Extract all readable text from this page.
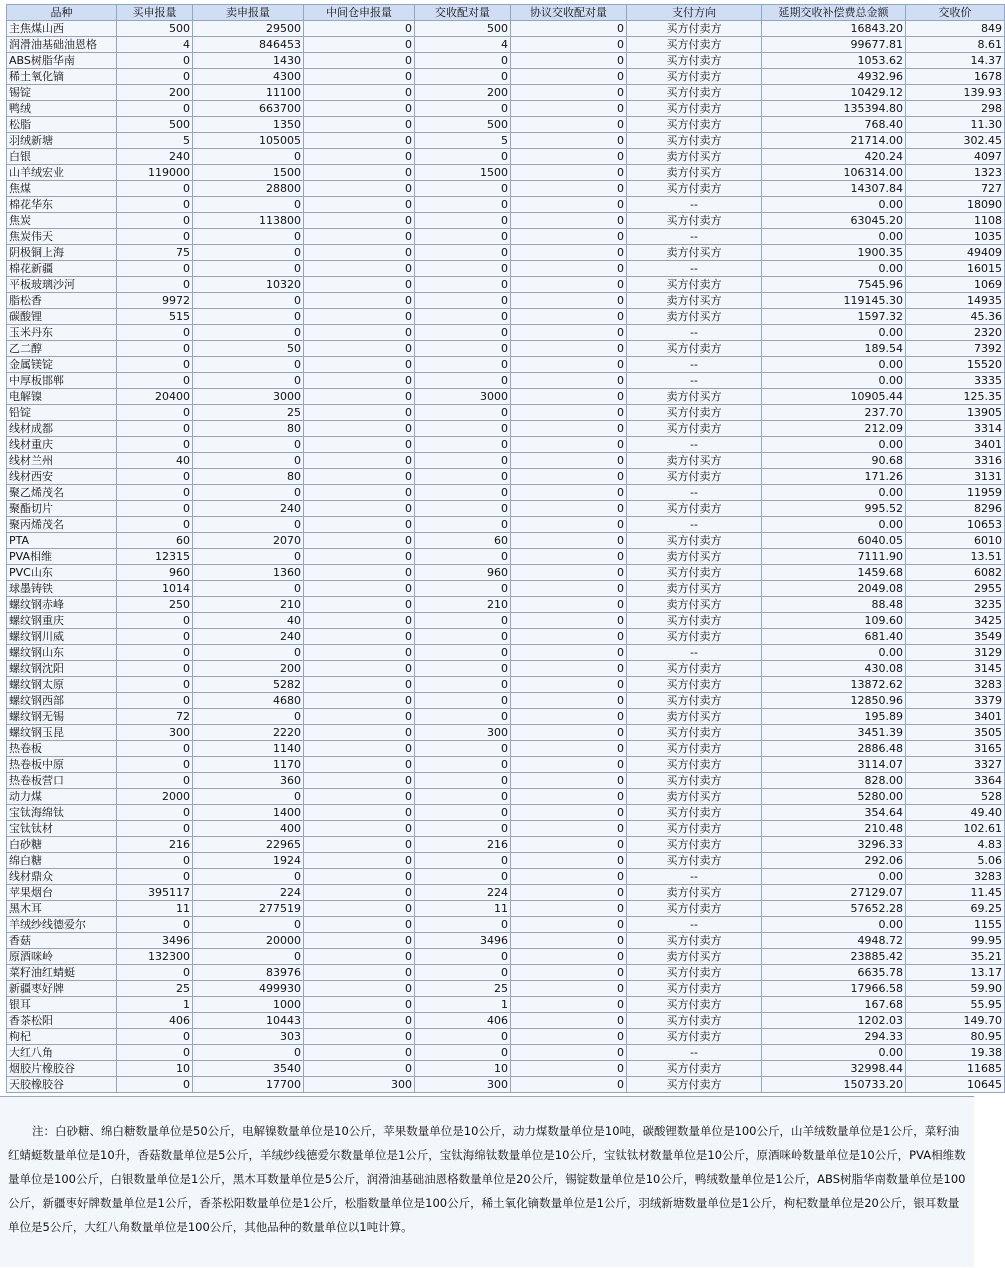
品种	买申报量	卖申报量	中间仓申报量	交收配对量	协议交收配对量	支付方向	延期交收补偿费总金额	交收价
主焦煤山西	500	29500	0	500	0	买方付卖方	16843.20	849
润滑油基础油恩格	4	846453	0	4	0	买方付卖方	99677.81	8.61
ABS树脂华南	0	1430	0	0	0	买方付卖方	1053.62	14.37
稀土氧化镝	0	4300	0	0	0	买方付卖方	4932.96	1678
锡锭	200	11100	0	200	0	买方付卖方	10429.12	139.93
鸭绒	0	663700	0	0	0	买方付卖方	135394.80	298
松脂	500	1350	0	500	0	买方付卖方	768.40	11.30
羽绒新塘	5	105005	0	5	0	买方付卖方	21714.00	302.45
白银	240	0	0	0	0	卖方付买方	420.24	4097
山羊绒宏业	119000	1500	0	1500	0	卖方付买方	106314.00	1323
焦煤	0	28800	0	0	0	买方付卖方	14307.84	727
棉花华东	0	0	0	0	0	--	0.00	18090
焦炭	0	113800	0	0	0	买方付卖方	63045.20	1108
焦炭伟天	0	0	0	0	0	--	0.00	1035
阴极铜上海	75	0	0	0	0	卖方付买方	1900.35	49409
棉花新疆	0	0	0	0	0	--	0.00	16015
平板玻璃沙河	0	10320	0	0	0	买方付卖方	7545.96	1069
脂松香	9972	0	0	0	0	卖方付买方	119145.30	14935
碳酸锂	515	0	0	0	0	卖方付买方	1597.32	45.36
玉米丹东	0	0	0	0	0	--	0.00	2320
乙二醇	0	50	0	0	0	买方付卖方	189.54	7392
金属镁锭	0	0	0	0	0	--	0.00	15520
中厚板邯郸	0	0	0	0	0	--	0.00	3335
电解镍	20400	3000	0	3000	0	卖方付买方	10905.44	125.35
铅锭	0	25	0	0	0	买方付卖方	237.70	13905
线材成都	0	80	0	0	0	买方付卖方	212.09	3314
线材重庆	0	0	0	0	0	--	0.00	3401
线材兰州	40	0	0	0	0	卖方付买方	90.68	3316
线材西安	0	80	0	0	0	买方付卖方	171.26	3131
聚乙烯茂名	0	0	0	0	0	--	0.00	11959
聚酯切片	0	240	0	0	0	买方付卖方	995.52	8296
聚丙烯茂名	0	0	0	0	0	--	0.00	10653
PTA	60	2070	0	60	0	买方付卖方	6040.05	6010
PVA相维	12315	0	0	0	0	卖方付买方	7111.90	13.51
PVC山东	960	1360	0	960	0	买方付卖方	1459.68	6082
球墨铸铁	1014	0	0	0	0	卖方付买方	2049.08	2955
螺纹钢赤峰	250	210	0	210	0	卖方付买方	88.48	3235
螺纹钢重庆	0	40	0	0	0	买方付卖方	109.60	3425
螺纹钢川威	0	240	0	0	0	买方付卖方	681.40	3549
螺纹钢山东	0	0	0	0	0	--	0.00	3129
螺纹钢沈阳	0	200	0	0	0	买方付卖方	430.08	3145
螺纹钢太原	0	5282	0	0	0	买方付卖方	13872.62	3283
螺纹钢西部	0	4680	0	0	0	买方付卖方	12850.96	3379
螺纹钢无锡	72	0	0	0	0	卖方付买方	195.89	3401
螺纹钢玉昆	300	2220	0	300	0	买方付卖方	3451.39	3505
热卷板	0	1140	0	0	0	买方付卖方	2886.48	3165
热卷板中原	0	1170	0	0	0	买方付卖方	3114.07	3327
热卷板营口	0	360	0	0	0	买方付卖方	828.00	3364
动力煤	2000	0	0	0	0	卖方付买方	5280.00	528
宝钛海绵钛	0	1400	0	0	0	买方付卖方	354.64	49.40
宝钛钛材	0	400	0	0	0	买方付卖方	210.48	102.61
白砂糖	216	22965	0	216	0	买方付卖方	3296.33	4.83
绵白糖	0	1924	0	0	0	买方付卖方	292.06	5.06
线材鼎众	0	0	0	0	0	--	0.00	3283
苹果烟台	395117	224	0	224	0	卖方付买方	27129.07	11.45
黑木耳	11	277519	0	11	0	买方付卖方	57652.28	69.25
羊绒纱线德爱尔	0	0	0	0	0	--	0.00	1155
香菇	3496	20000	0	3496	0	买方付卖方	4948.72	99.95
原酒咪岭	132300	0	0	0	0	卖方付买方	23885.42	35.21
菜籽油红蜻蜓	0	83976	0	0	0	买方付卖方	6635.78	13.17
新疆枣好牌	25	499930	0	25	0	买方付卖方	17966.58	59.90
银耳	1	1000	0	1	0	买方付卖方	167.68	55.95
香茶松阳	406	10443	0	406	0	买方付卖方	1202.03	149.70
枸杞	0	303	0	0	0	买方付卖方	294.33	80.95
大红八角	0	0	0	0	0	--	0.00	19.38
烟胶片橡胶谷	10	3540	0	10	0	买方付卖方	32998.44	11685
天胶橡胶谷	0	17700	300	300	0	买方付卖方	150733.20	10645

注：白砂糖、绵白糖数量单位是50公斤，电解镍数量单位是10公斤，苹果数量单位是10公斤，动力煤数量单位是10吨，碳酸锂数量单位是100公斤，山羊绒数量单位是1公斤，菜籽油红蜻蜓数量单位是10升，香菇数量单位是5公斤，羊绒纱线德爱尔数量单位是1公斤，宝钛海绵钛数量单位是10公斤，宝钛钛材数量单位是10公斤，原酒咪岭数量单位是10公斤，PVA相维数量单位是100公斤，白银数量单位是1公斤，黑木耳数量单位是5公斤，润滑油基础油恩格数量单位是20公斤，锡锭数量单位是10公斤，鸭绒数量单位是1公斤，ABS树脂华南数量单位是100公斤，新疆枣好牌数量单位是1公斤，香茶松阳数量单位是1公斤，松脂数量单位是100公斤，稀土氧化镝数量单位是1公斤，羽绒新塘数量单位是1公斤，枸杞数量单位是20公斤，银耳数量单位是5公斤，大红八角数量单位是100公斤，其他品种的数量单位以1吨计算。
